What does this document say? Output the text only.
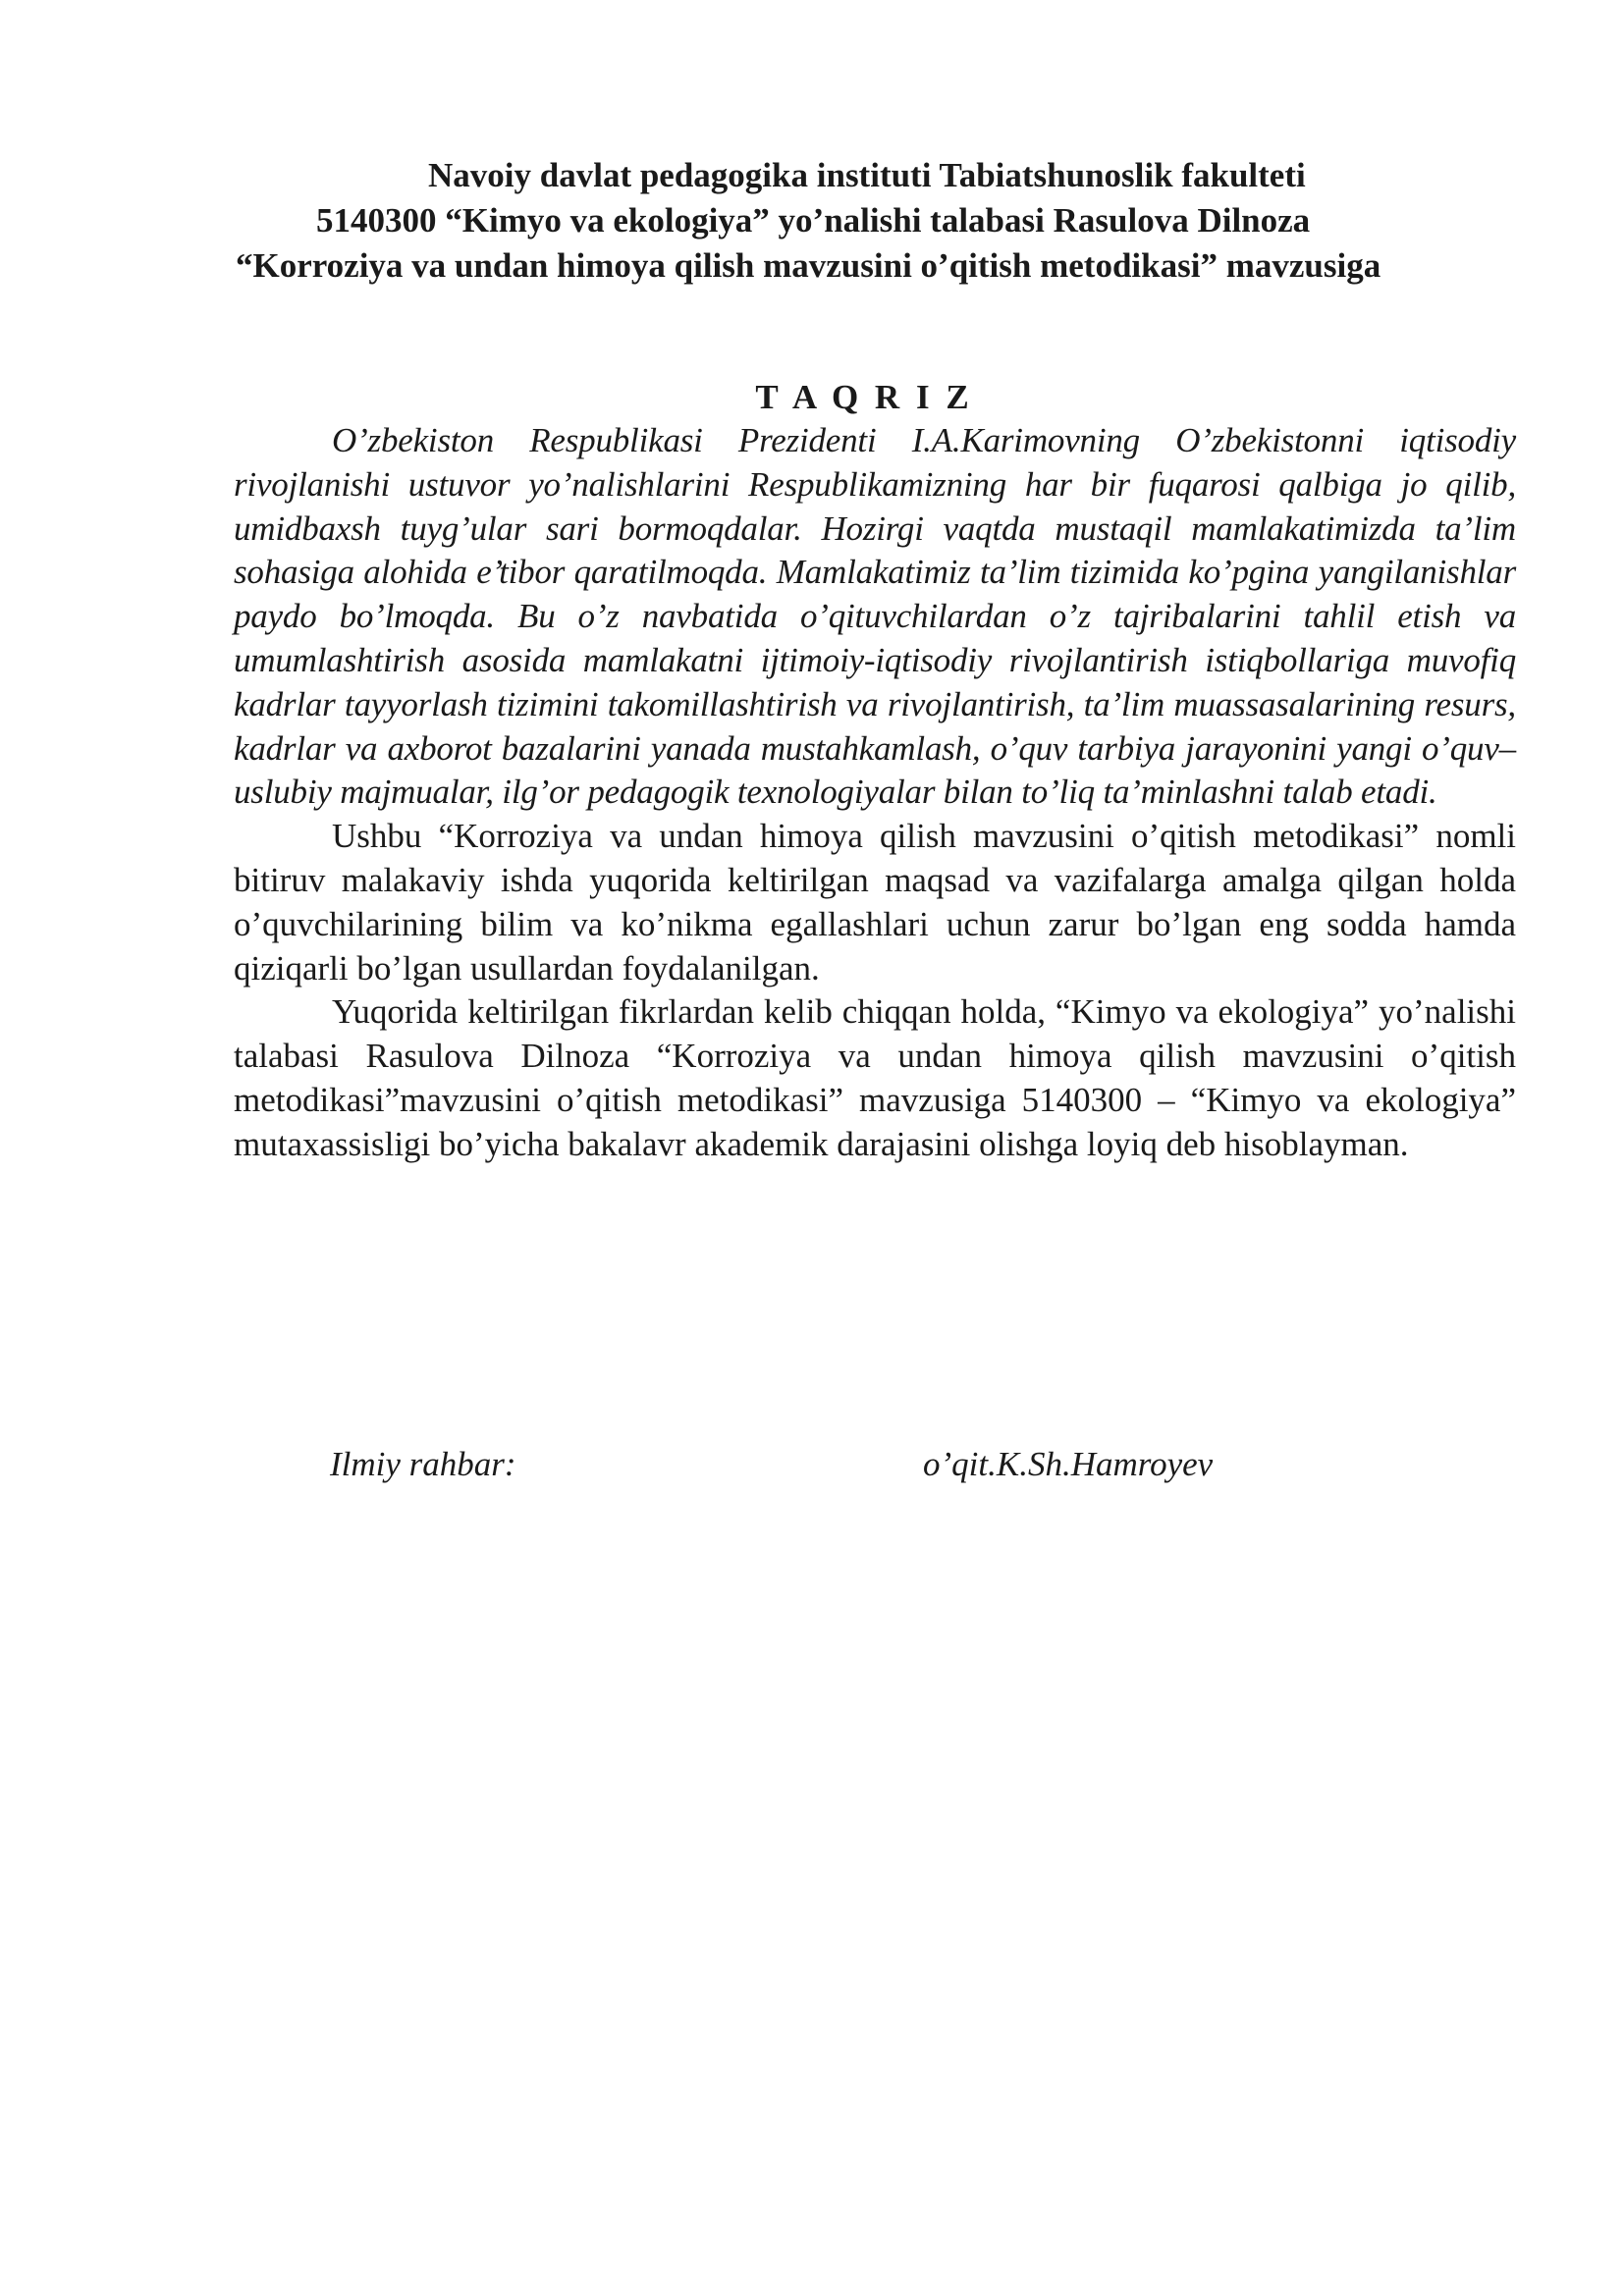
Navoiy davlat pedagogika instituti Tabiatshunoslik fakulteti
5140300 “Kimyo va ekologiya” yo’nalishi talabasi Rasulova Dilnoza
“Korroziya va undan himoya qilish mavzusini o’qitish metodikasi” mavzusiga
T A Q R I Z

O’zbekiston Respublikasi Prezidenti I.A.Karimovning O’zbekistonni iqtisodiy rivojlanishi ustuvor yo’nalishlarini Respublikamizning har bir fuqarosi qalbiga jo qilib, umidbaxsh tuyg’ular sari bormoqdalar. Hozirgi vaqtda mustaqil mamlakatimizda ta’lim sohasiga alohida e’tibor qaratilmoqda. Mamlakatimiz ta’lim tizimida ko’pgina yangilanishlar paydo bo’lmoqda. Bu o’z navbatida o’qituvchilardan o’z tajribalarini tahlil etish va umumlashtirish asosida mamlakatni ijtimoiy-iqtisodiy rivojlantirish istiqbollariga muvofiq kadrlar tayyorlash tizimini takomillashtirish va rivojlantirish, ta’lim muassasalarining resurs, kadrlar va axborot bazalarini yanada mustahkamlash, o’quv tarbiya jarayonini yangi o’quv–uslubiy majmualar, ilg’or pedagogik texnologiyalar bilan to’liq ta’minlashni talab etadi.

Ushbu “Korroziya va undan himoya qilish mavzusini o’qitish metodikasi” nomli bitiruv malakaviy ishda yuqorida keltirilgan maqsad va vazifalarga amalga qilgan holda o’quvchilarining bilim va ko’nikma egallashlari uchun zarur bo’lgan eng sodda hamda qiziqarli bo’lgan usullardan foydalanilgan.

Yuqorida keltirilgan fikrlardan kelib chiqqan holda, “Kimyo va ekologiya” yo’nalishi talabasi Rasulova Dilnoza “Korroziya va undan himoya qilish mavzusini o’qitish metodikasi”mavzusini o’qitish metodikasi” mavzusiga 5140300 – “Kimyo va ekologiya” mutaxassisligi bo’yicha bakalavr akademik darajasini olishga loyiq deb hisoblayman.

Ilmiy rahbar:	o’qit.K.Sh.Hamroyev
